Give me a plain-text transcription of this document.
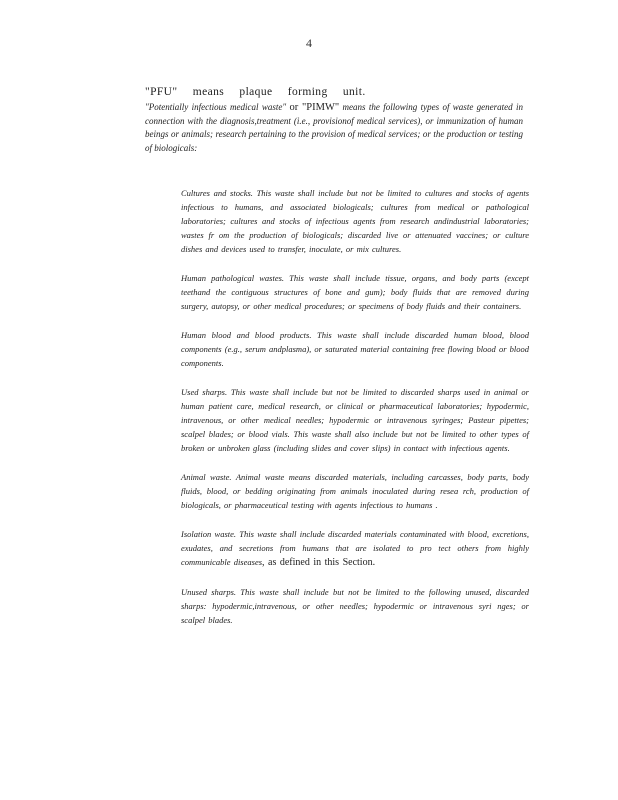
4

"PFU" means plaque forming unit.

"Potentially infectious medical waste" or "PIMW" means the following types of waste generated in connection with the diagnosis,treatment (i.e., provisionof medical services), or immunization of human beings or animals; research pertaining to the provision of medical services; or the production or testing of biologicals:

Cultures and stocks. This waste shall include but not be limited to cultures and stocks of agents infectious to humans, and associated biologicals; cultures from medical or pathological laboratories; cultures and stocks of infectious agents from research andindustrial laboratories; wastes fr om the production of biologicals; discarded live or attenuated vaccines; or culture dishes and devices used to transfer, inoculate, or mix cultures.

Human pathological wastes. This waste shall include tissue, organs, and body parts (except teethand the contiguous structures of bone and gum); body fluids that are removed during surgery, autopsy, or other medical procedures; or specimens of body fluids and their containers.

Human blood and blood products. This waste shall include discarded human blood, blood components (e.g., serum andplasma), or saturated material containing free flowing blood or blood components.

Used sharps. This waste shall include but not be limited to discarded sharps used in animal or human patient care, medical research, or clinical or pharmaceutical laboratories; hypodermic, intravenous, or other medical needles; hypodermic or intravenous syringes; Pasteur pipettes; scalpel blades; or blood vials. This waste shall also include but not be limited to other types of broken or unbroken glass (including slides and cover slips) in contact with infectious agents.

Animal waste. Animal waste means discarded materials, including carcasses, body parts, body fluids, blood, or bedding originating from animals inoculated during resea rch, production of biologicals, or pharmaceutical testing with agents infectious to humans .

Isolation waste. This waste shall include discarded materials contaminated with blood, excretions, exudates, and secretions from humans that are isolated to pro tect others from highly communicable diseases, as defined in this Section.

Unused sharps. This waste shall include but not be limited to the following unused, discarded sharps: hypodermic,intravenous, or other needles; hypodermic or intravenous syri nges; or scalpel blades.
